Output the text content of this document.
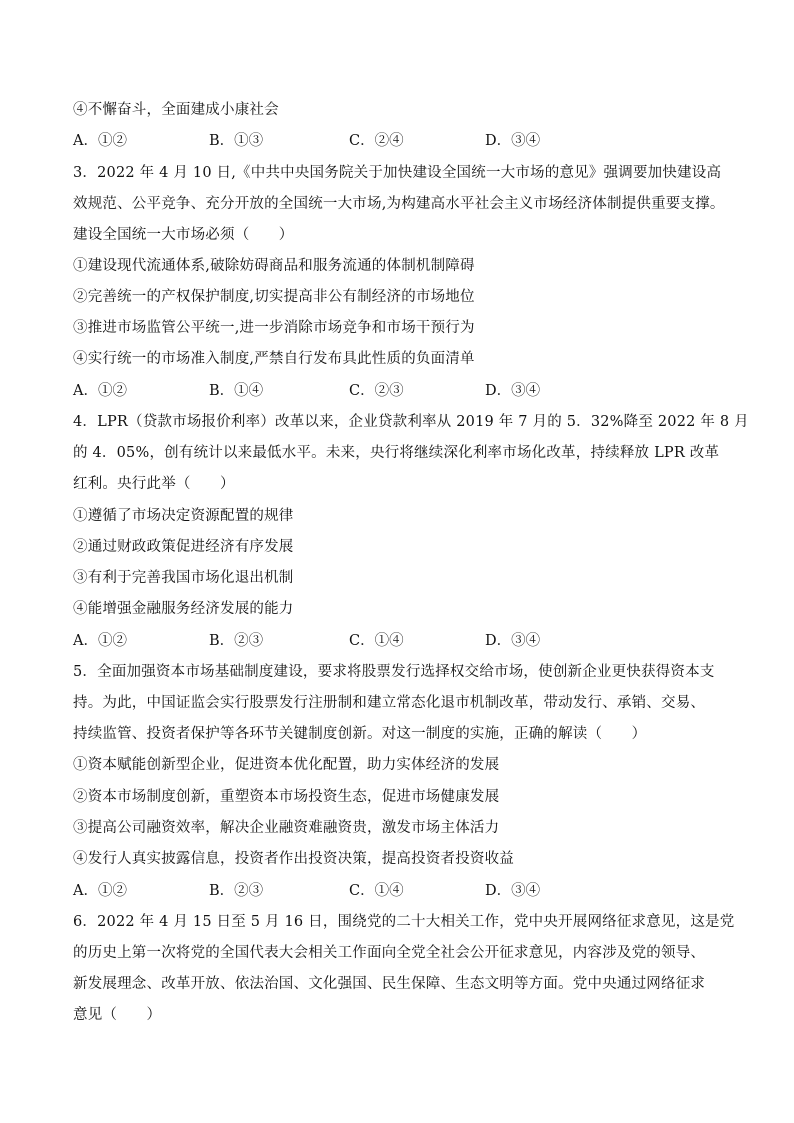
④不懈奋斗，全面建成小康社会
A．①②	B．①③	C．②④	D．③④
3．2022 年 4 月 10 日,《中共中央国务院关于加快建设全国统一大市场的意见》强调要加快建设高
效规范、公平竞争、充分开放的全国统一大市场,为构建高水平社会主义市场经济体制提供重要支撑。
建设全国统一大市场必须（　　）
①建设现代流通体系,破除妨碍商品和服务流通的体制机制障碍
②完善统一的产权保护制度,切实提高非公有制经济的市场地位
③推进市场监管公平统一,进一步消除市场竞争和市场干预行为
④实行统一的市场准入制度,严禁自行发布具此性质的负面清单
A．①②	B．①④	C．②③	D．③④
4．LPR（贷款市场报价利率）改革以来，企业贷款利率从 2019 年 7 月的 5．32%降至 2022 年 8 月
的 4．05%，创有统计以来最低水平。未来，央行将继续深化利率市场化改革，持续释放 LPR 改革
红利。央行此举（　　）
①遵循了市场决定资源配置的规律
②通过财政政策促进经济有序发展
③有利于完善我国市场化退出机制
④能增强金融服务经济发展的能力
A．①②	B．②③	C．①④	D．③④
5．全面加强资本市场基础制度建设，要求将股票发行选择权交给市场，使创新企业更快获得资本支
持。为此，中国证监会实行股票发行注册制和建立常态化退市机制改革，带动发行、承销、交易、
持续监管、投资者保护等各环节关键制度创新。对这一制度的实施，正确的解读（　　）
①资本赋能创新型企业，促进资本优化配置，助力实体经济的发展
②资本市场制度创新，重塑资本市场投资生态，促进市场健康发展
③提高公司融资效率，解决企业融资难融资贵，激发市场主体活力
④发行人真实披露信息，投资者作出投资决策，提高投资者投资收益
A．①②	B．②③	C．①④	D．③④
6．2022 年 4 月 15 日至 5 月 16 日，围绕党的二十大相关工作，党中央开展网络征求意见，这是党
的历史上第一次将党的全国代表大会相关工作面向全党全社会公开征求意见，内容涉及党的领导、
新发展理念、改革开放、依法治国、文化强国、民生保障、生态文明等方面。党中央通过网络征求
意见（　　）
